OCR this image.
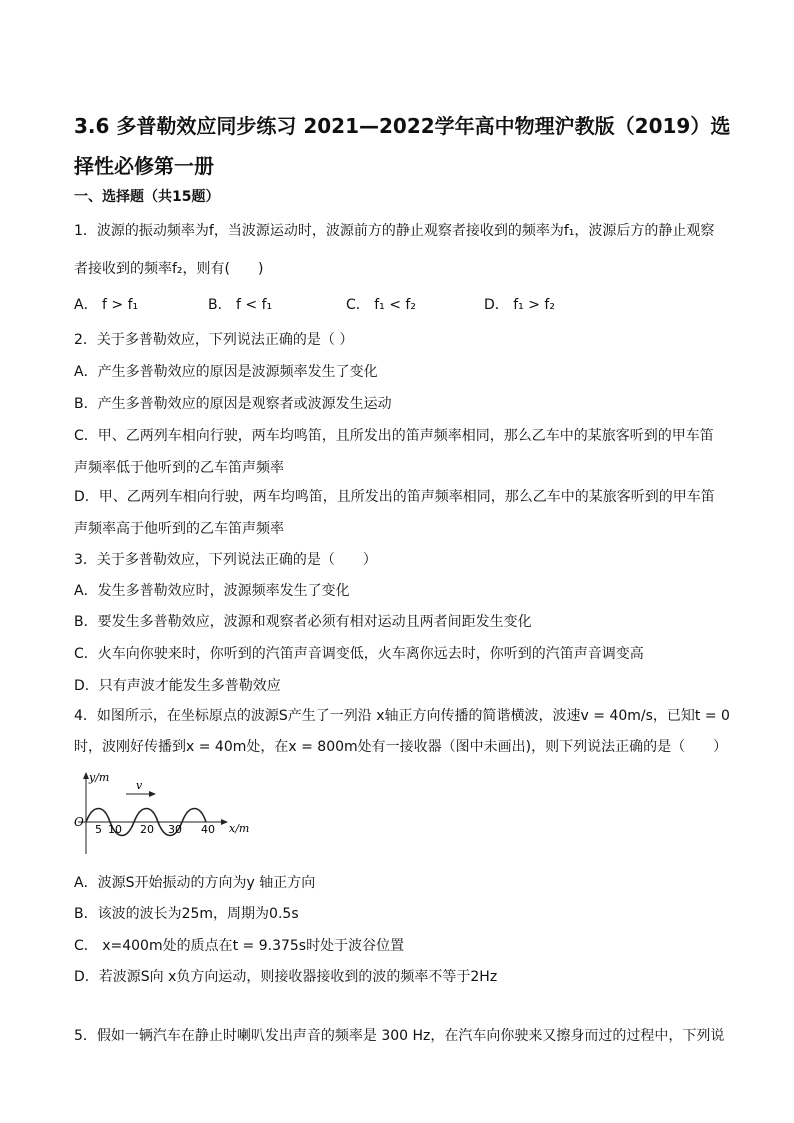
3.6 多普勒效应同步练习 2021—2022学年高中物理沪教版（2019）选择性必修第一册
一、选择题（共15题）
1．波源的振动频率为f，当波源运动时，波源前方的静止观察者接收到的频率为f₁，波源后方的静止观察
者接收到的频率f₂，则有(　　)
A． f > f₁	B． f < f₁	C． f₁ < f₂	D． f₁ > f₂
2．关于多普勒效应，下列说法正确的是（ ）
A．产生多普勒效应的原因是波源频率发生了变化
B．产生多普勒效应的原因是观察者或波源发生运动
C．甲、乙两列车相向行驶，两车均鸣笛，且所发出的笛声频率相同，那么乙车中的某旅客听到的甲车笛
声频率低于他听到的乙车笛声频率
D．甲、乙两列车相向行驶，两车均鸣笛，且所发出的笛声频率相同，那么乙车中的某旅客听到的甲车笛
声频率高于他听到的乙车笛声频率
3．关于多普勒效应，下列说法正确的是（　　）
A．发生多普勒效应时，波源频率发生了变化
B．要发生多普勒效应，波源和观察者必须有相对运动且两者间距发生变化
C．火车向你驶来时，你听到的汽笛声音调变低，火车离你远去时，你听到的汽笛声音调变高
D．只有声波才能发生多普勒效应
4．如图所示，在坐标原点的波源S产生了一列沿 x轴正方向传播的简谐横波，波速v = 40m/s，已知t = 0
时，波刚好传播到x = 40m处，在x = 800m处有一接收器（图中未画出)，则下列说法正确的是（　　）
v
y/m
O	x/m
5 10 20 30 40
A．波源S开始振动的方向为y 轴正方向
B．该波的波长为25m，周期为0.5s
C． x=400m处的质点在t = 9.375s时处于波谷位置
D．若波源S向 x负方向运动，则接收器接收到的波的频率不等于2Hz
5．假如一辆汽车在静止时喇叭发出声音的频率是 300 Hz，在汽车向你驶来又擦身而过的过程中，下列说
